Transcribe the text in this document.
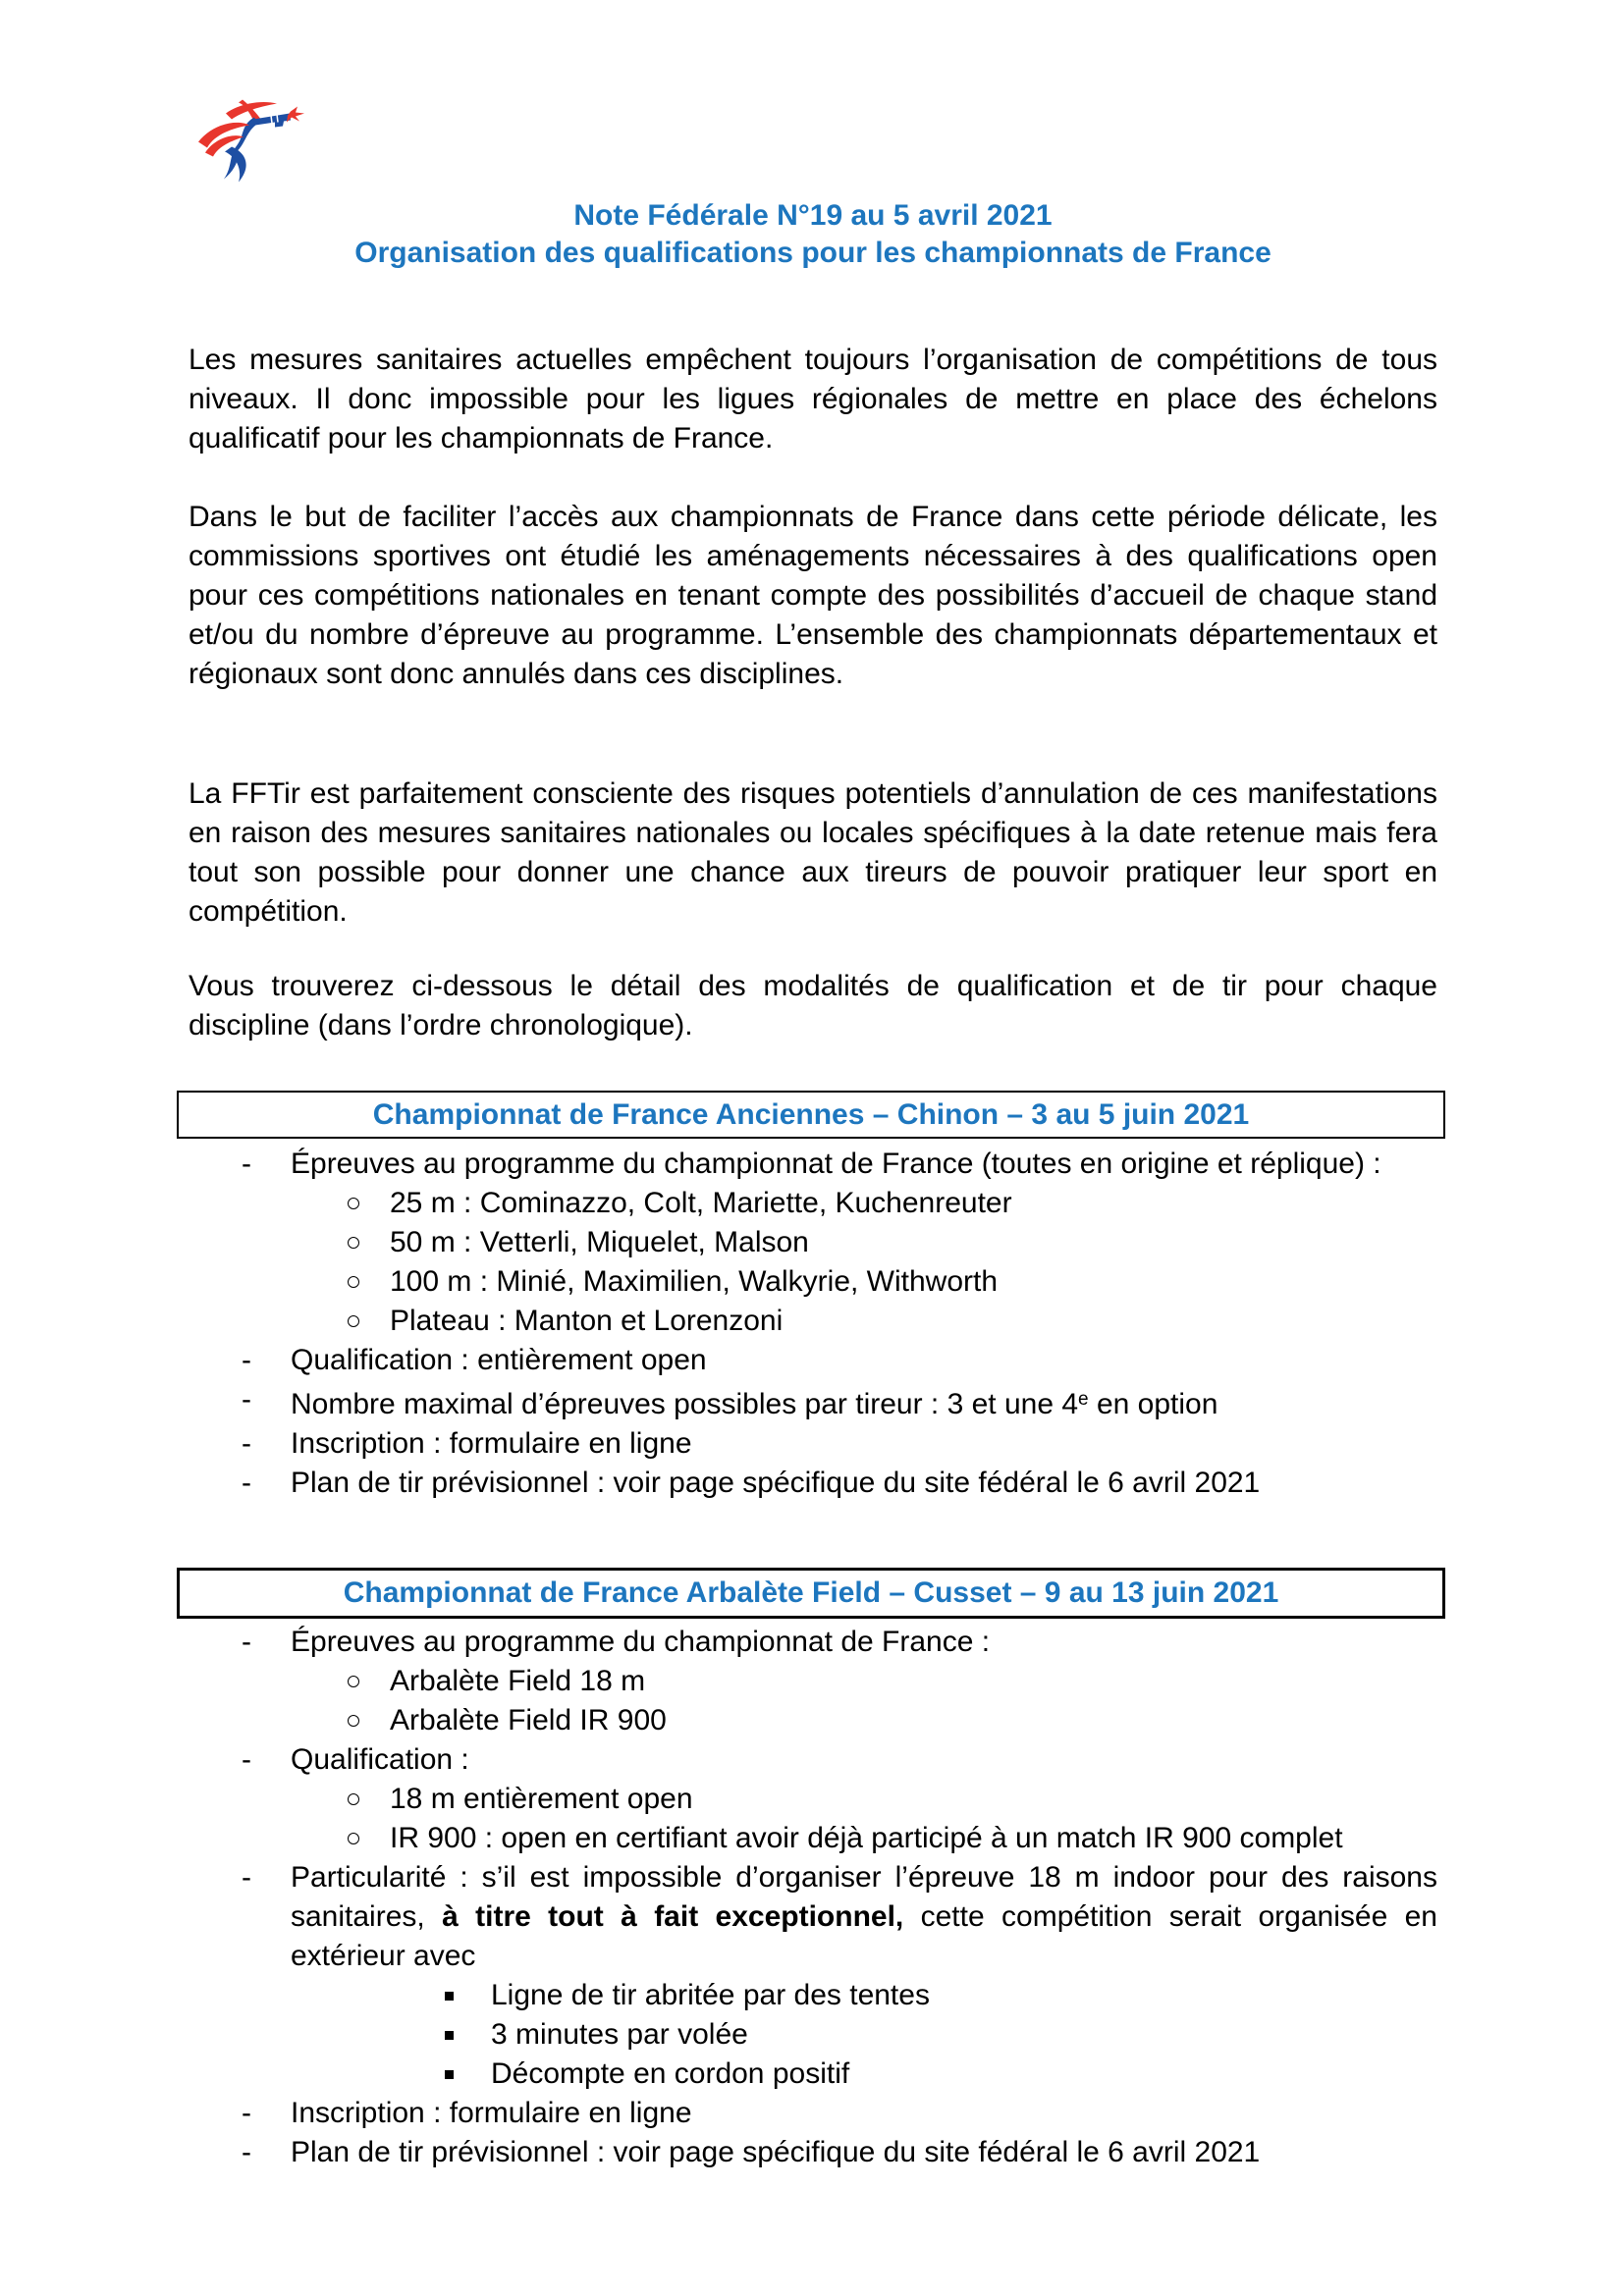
Note Fédérale N°19 au 5 avril 2021
Organisation des qualifications pour les championnats de France

Les mesures sanitaires actuelles empêchent toujours l’organisation de compétitions de tous niveaux. Il donc impossible pour les ligues régionales de mettre en place des échelons qualificatif pour les championnats de France.

Dans le but de faciliter l’accès aux championnats de France dans cette période délicate, les commissions sportives ont étudié les aménagements nécessaires à des qualifications open pour ces compétitions nationales en tenant compte des possibilités d’accueil de chaque stand et/ou du nombre d’épreuve au programme. L’ensemble des championnats départementaux et régionaux sont donc annulés dans ces disciplines.

La FFTir est parfaitement consciente des risques potentiels d’annulation de ces manifestations en raison des mesures sanitaires nationales ou locales spécifiques à la date retenue mais fera tout son possible pour donner une chance aux tireurs de pouvoir pratiquer leur sport en compétition.

Vous trouverez ci-dessous le détail des modalités de qualification et de tir pour chaque discipline (dans l’ordre chronologique).

Championnat de France Anciennes – Chinon – 3 au 5 juin 2021
- Épreuves au programme du championnat de France (toutes en origine et réplique) :
25 m : Cominazzo, Colt, Mariette, Kuchenreuter
50 m : Vetterli, Miquelet, Malson
100 m : Minié, Maximilien, Walkyrie, Withworth
Plateau : Manton et Lorenzoni
- Qualification : entièrement open
- Nombre maximal d’épreuves possibles par tireur : 3 et une 4e en option
- Inscription : formulaire en ligne
- Plan de tir prévisionnel : voir page spécifique du site fédéral le 6 avril 2021
Championnat de France Arbalète Field – Cusset – 9 au 13 juin 2021
- Épreuves au programme du championnat de France :
Arbalète Field 18 m
Arbalète Field IR 900
- Qualification :
18 m entièrement open
IR 900 : open en certifiant avoir déjà participé à un match IR 900 complet
- Particularité : s’il est impossible d’organiser l’épreuve 18 m indoor pour des raisons sanitaires, à titre tout à fait exceptionnel, cette compétition serait organisée en extérieur avec
Ligne de tir abritée par des tentes
3 minutes par volée
Décompte en cordon positif
- Inscription : formulaire en ligne
- Plan de tir prévisionnel : voir page spécifique du site fédéral le 6 avril 2021
